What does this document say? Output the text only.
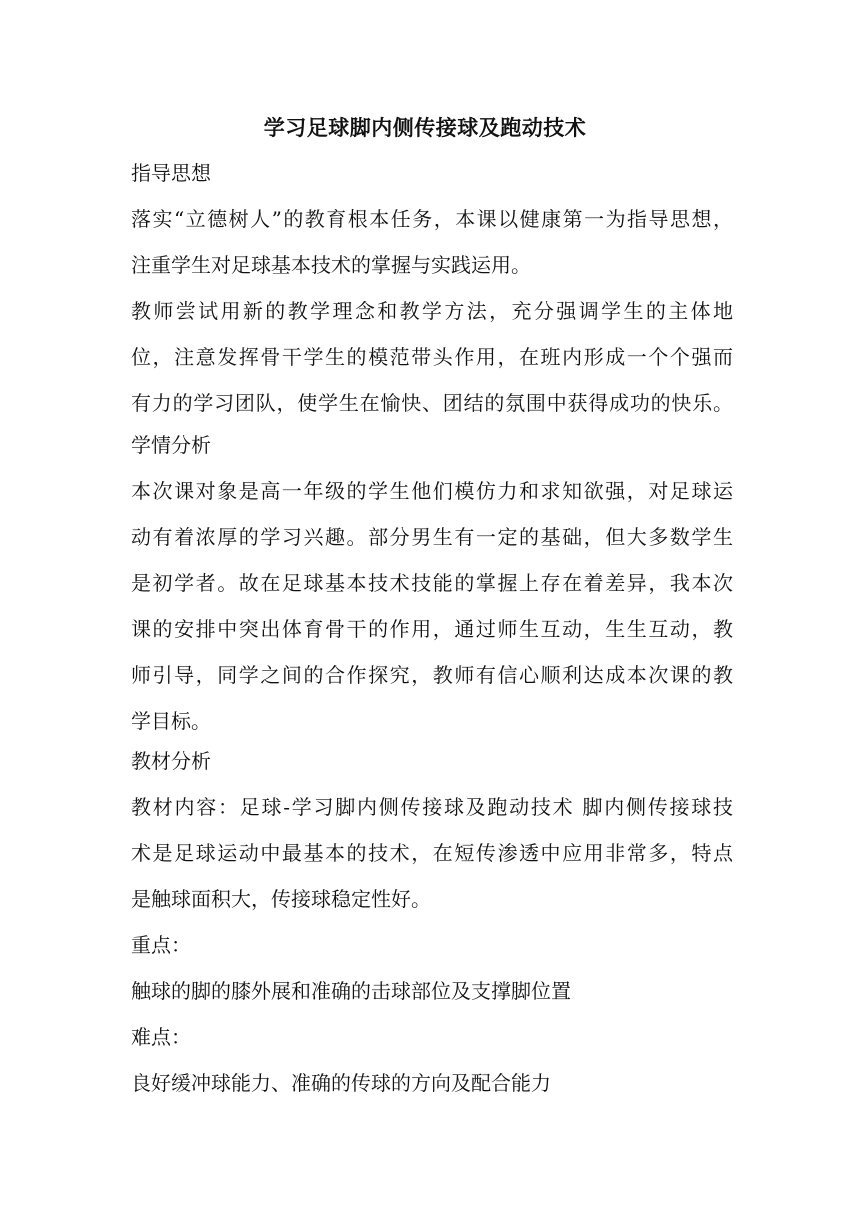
学习足球脚内侧传接球及跑动技术

指导思想

落实“立德树人”的教育根本任务，本课以健康第一为指导思想，

注重学生对足球基本技术的掌握与实践运用。

教师尝试用新的教学理念和教学方法，充分强调学生的主体地

位，注意发挥骨干学生的模范带头作用，在班内形成一个个强而

有力的学习团队，使学生在愉快、团结的氛围中获得成功的快乐。

学情分析

本次课对象是高一年级的学生他们模仿力和求知欲强，对足球运

动有着浓厚的学习兴趣。部分男生有一定的基础，但大多数学生

是初学者。故在足球基本技术技能的掌握上存在着差异，我本次

课的安排中突出体育骨干的作用，通过师生互动，生生互动，教

师引导，同学之间的合作探究，教师有信心顺利达成本次课的教

学目标。

教材分析

教材内容：足球-学习脚内侧传接球及跑动技术 脚内侧传接球技

术是足球运动中最基本的技术，在短传渗透中应用非常多，特点

是触球面积大，传接球稳定性好。

重点：

触球的脚的膝外展和准确的击球部位及支撑脚位置

难点：

良好缓冲球能力、准确的传球的方向及配合能力
